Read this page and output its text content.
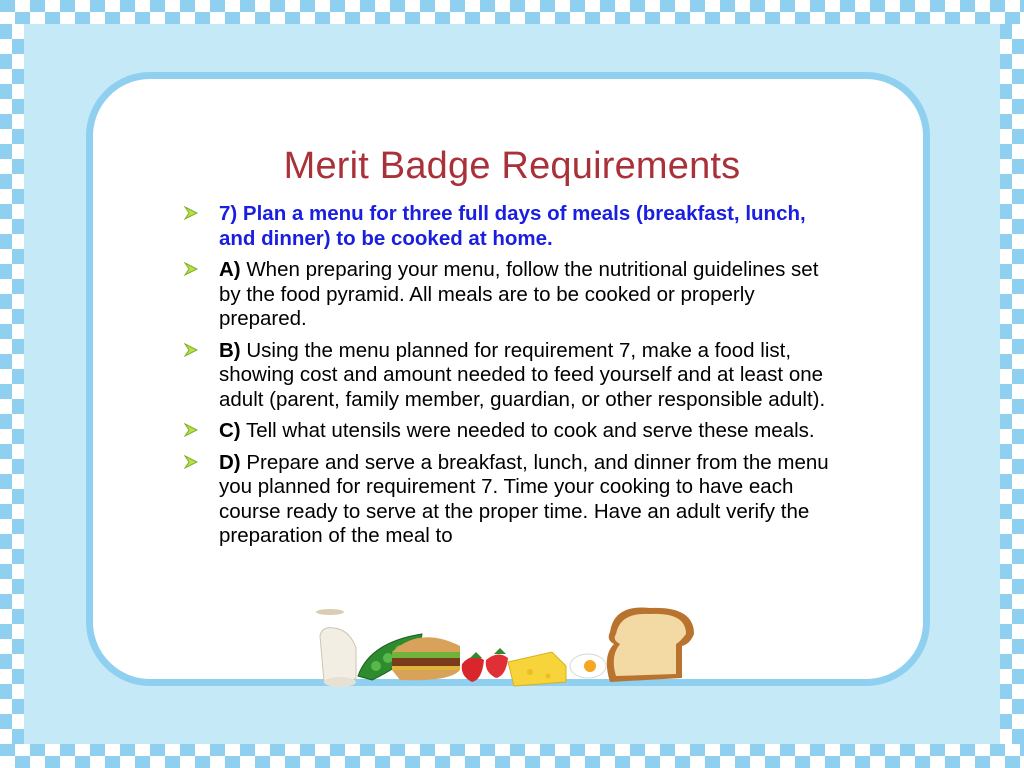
Merit Badge Requirements
7) Plan a menu for three full days of meals (breakfast, lunch, and dinner) to be cooked at home.
A) When preparing your menu, follow the nutritional guidelines set by the food pyramid. All meals are to be cooked or properly prepared.
B) Using the menu planned for requirement 7, make a food list, showing cost and amount needed to feed yourself and at least one adult (parent, family member, guardian, or other responsible adult).
C) Tell what utensils were needed to cook and serve these meals.
D) Prepare and serve a breakfast, lunch, and dinner from the menu you planned for requirement 7. Time your cooking to have each course ready to serve at the proper time. Have an adult verify the preparation of the meal to
